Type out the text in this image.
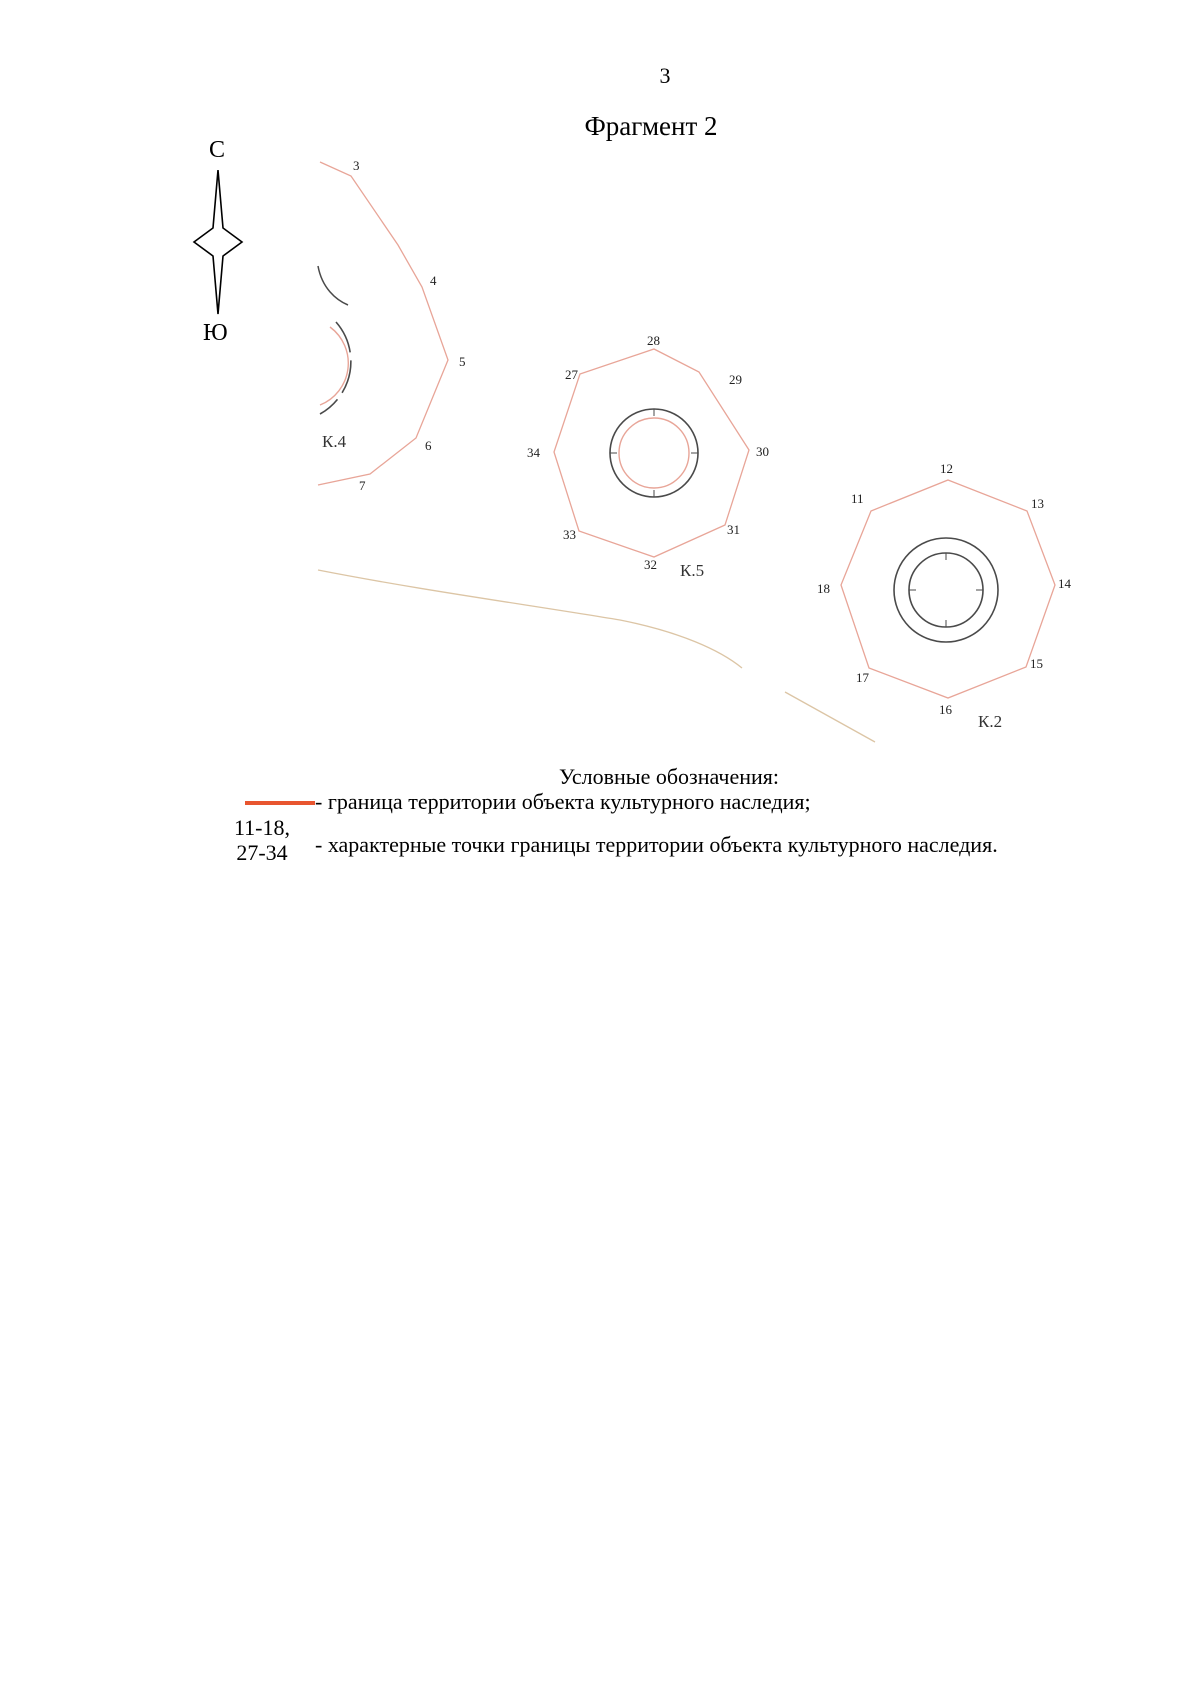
3
Фрагмент 2
С
Ю
3
4
5
6
7
11
12
13
14
15
16
17
18
27
28
29
30
31
32
33
34
К.4
К.5
К.2
Условные обозначения:
- граница территории объекта культурного наследия;
11-18,
27-34	- характерные точки границы территории объекта культурного наследия.
